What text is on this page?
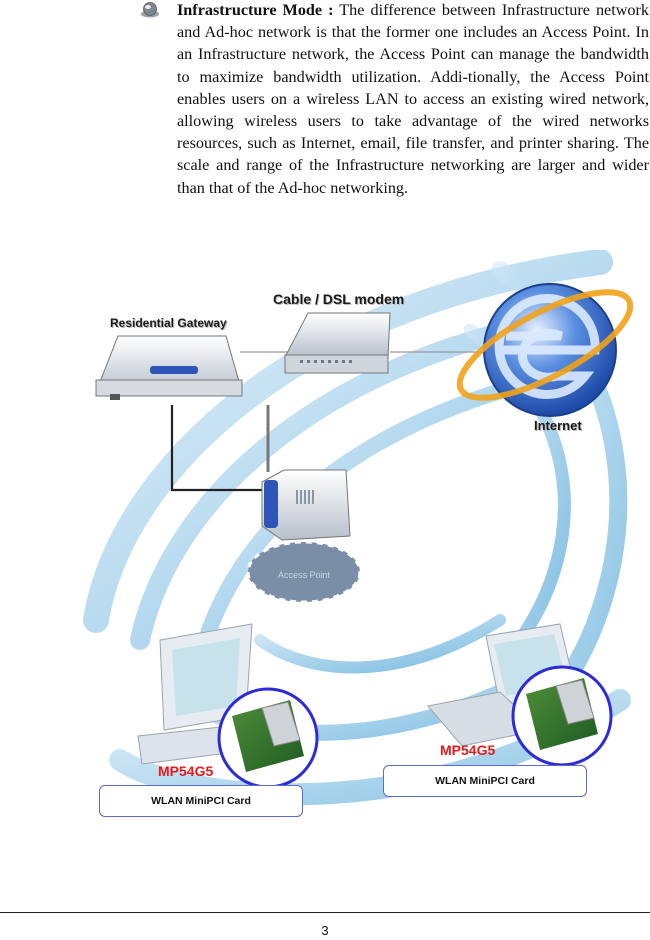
Infrastructure Mode : The difference between Infrastructure network and Ad-hoc network is that the former one includes an Access Point. In an Infrastructure network, the Access Point can manage the bandwidth to maximize bandwidth utilization. Addi-tionally, the Access Point enables users on a wireless LAN to access an existing wired network, allowing wireless users to take advantage of the wired networks resources, such as Internet, email, file transfer, and printer sharing. The scale and range of the Infrastructure networking are larger and wider than that of the Ad-hoc networking.

Access Point
Residential Gateway
Cable / DSL modem
Internet
MP54G5
WLAN MiniPCI Card
MP54G5
WLAN MiniPCI Card
3
